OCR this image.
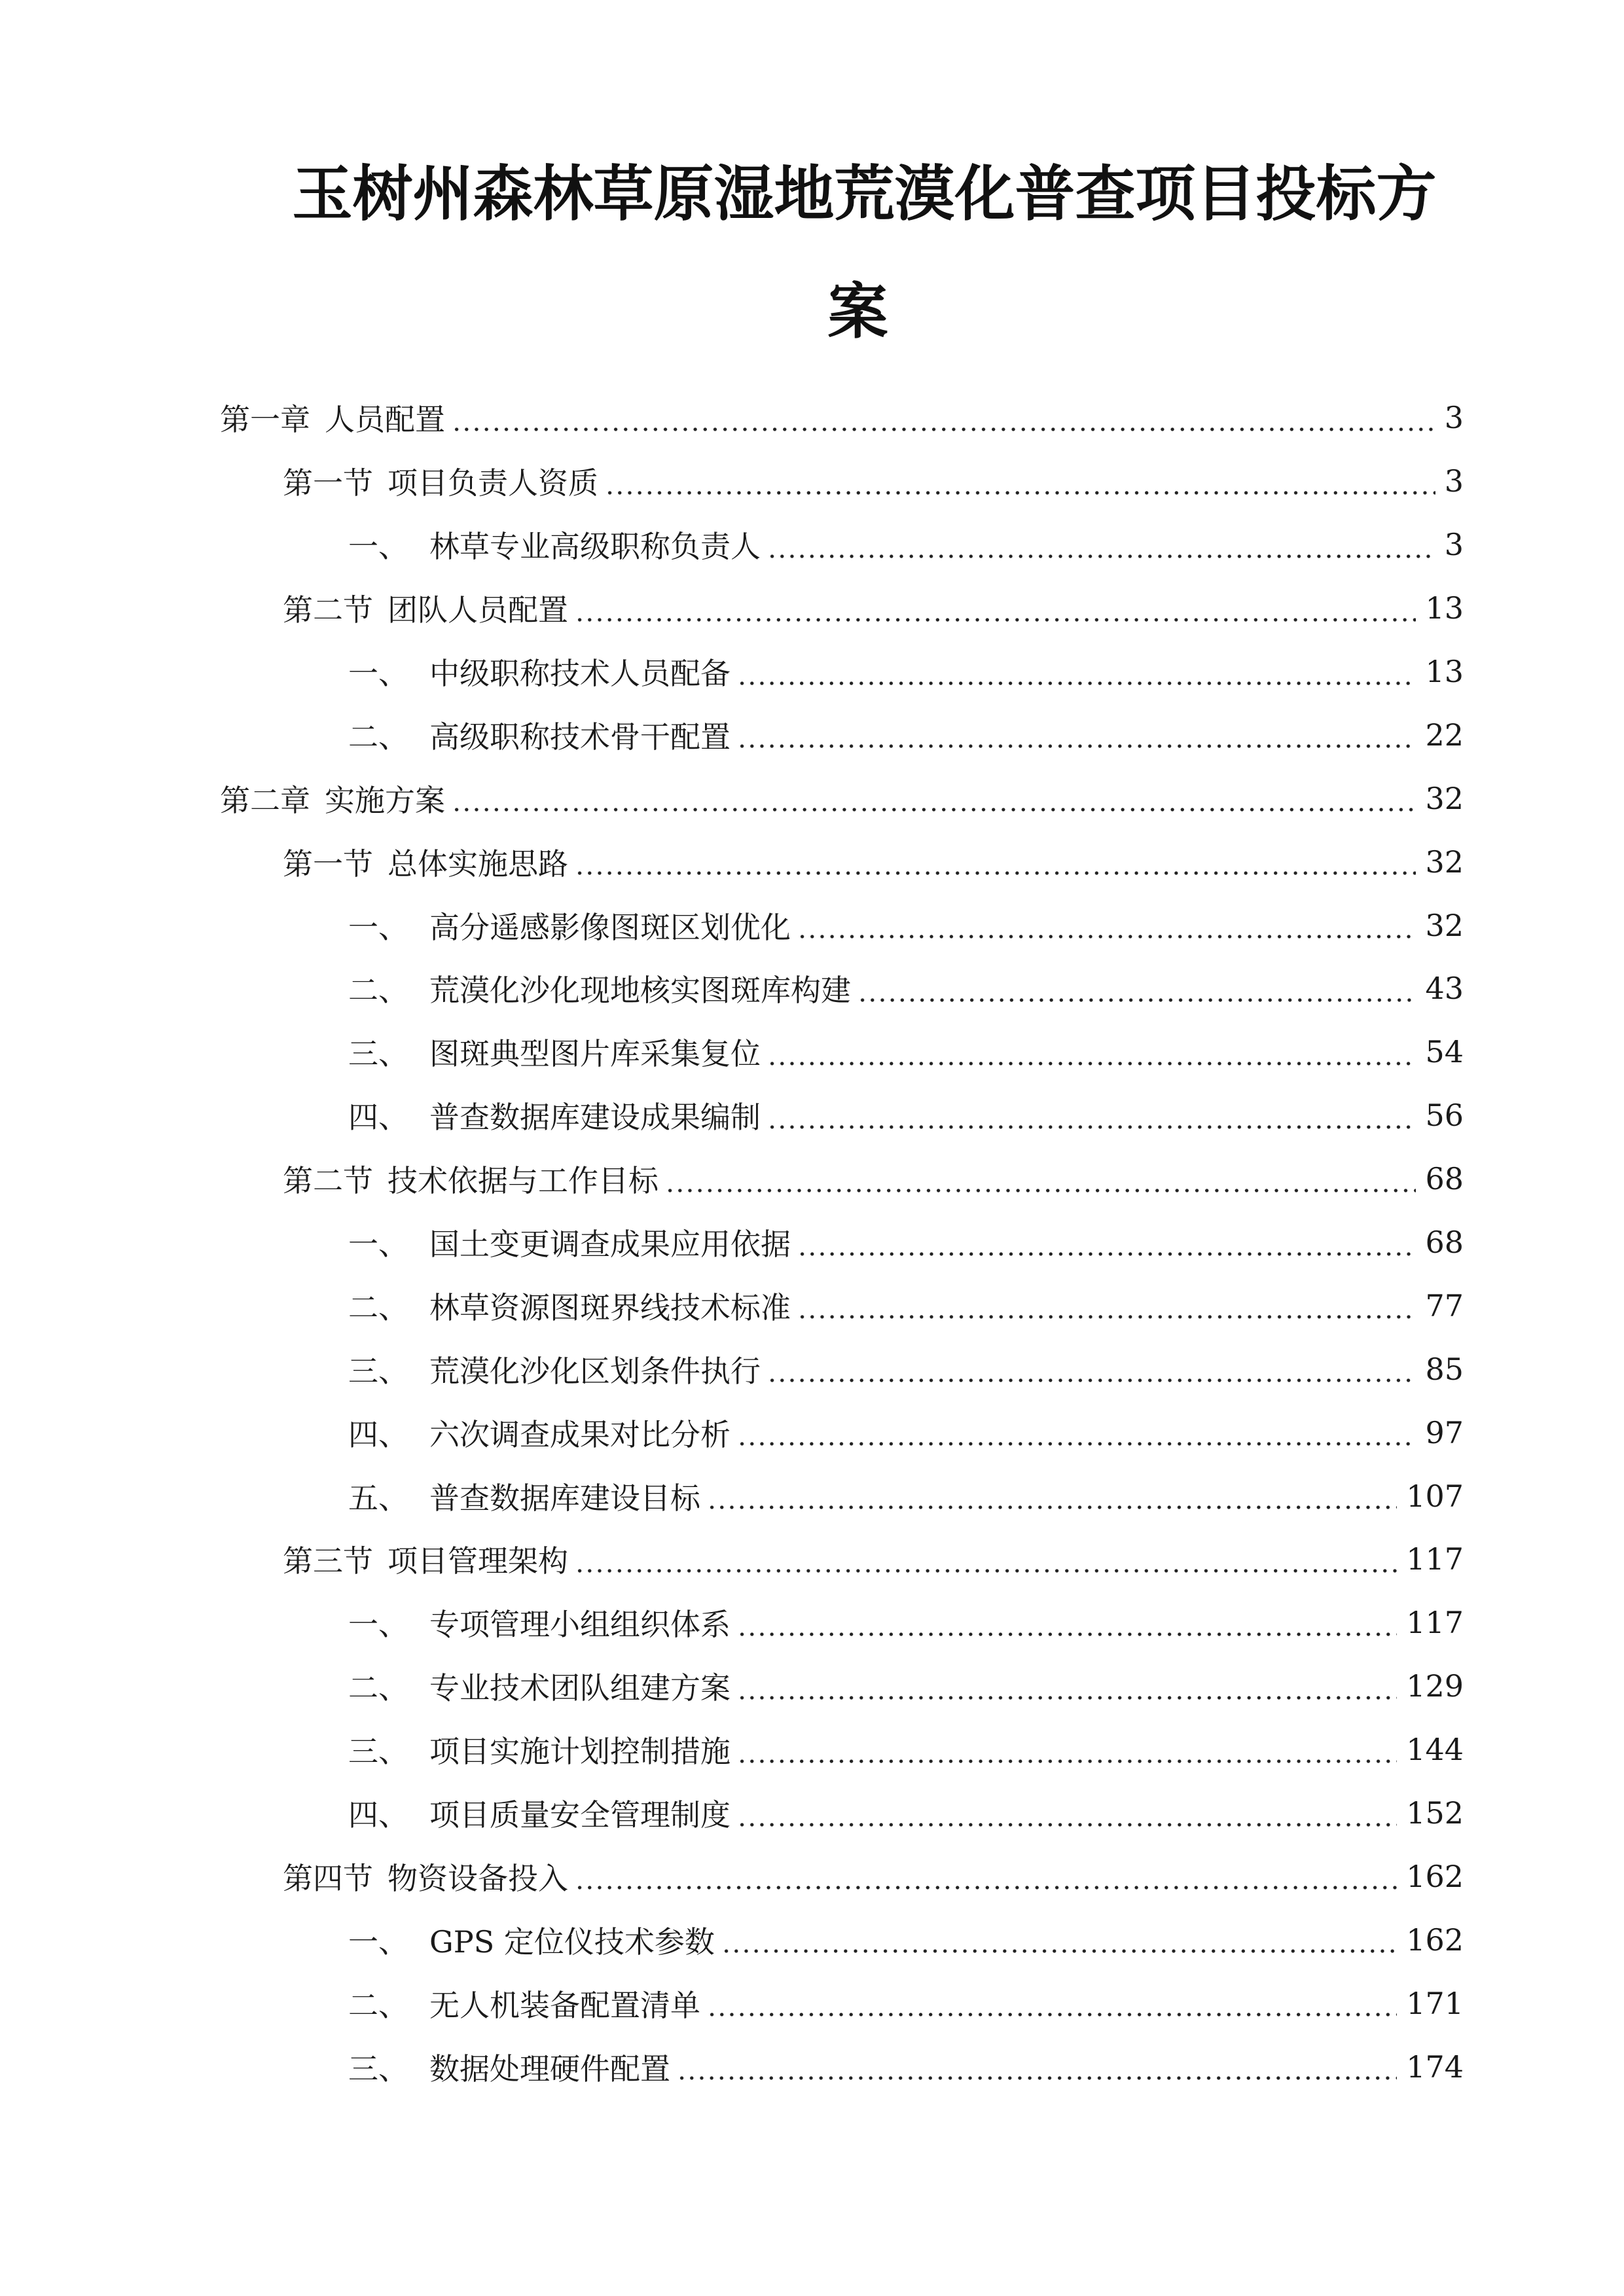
玉树州森林草原湿地荒漠化普查项目投标方
案
第一章 人员配置	3
第一节 项目负责人资质	3
一、 林草专业高级职称负责人	3
第二节 团队人员配置	13
一、 中级职称技术人员配备	13
二、 高级职称技术骨干配置	22
第二章 实施方案	32
第一节 总体实施思路	32
一、 高分遥感影像图斑区划优化	32
二、 荒漠化沙化现地核实图斑库构建	43
三、 图斑典型图片库采集复位	54
四、 普查数据库建设成果编制	56
第二节 技术依据与工作目标	68
一、 国土变更调查成果应用依据	68
二、 林草资源图斑界线技术标准	77
三、 荒漠化沙化区划条件执行	85
四、 六次调查成果对比分析	97
五、 普查数据库建设目标	107
第三节 项目管理架构	117
一、 专项管理小组组织体系	117
二、 专业技术团队组建方案	129
三、 项目实施计划控制措施	144
四、 项目质量安全管理制度	152
第四节 物资设备投入	162
一、 GPS 定位仪技术参数	162
二、 无人机装备配置清单	171
三、 数据处理硬件配置	174
